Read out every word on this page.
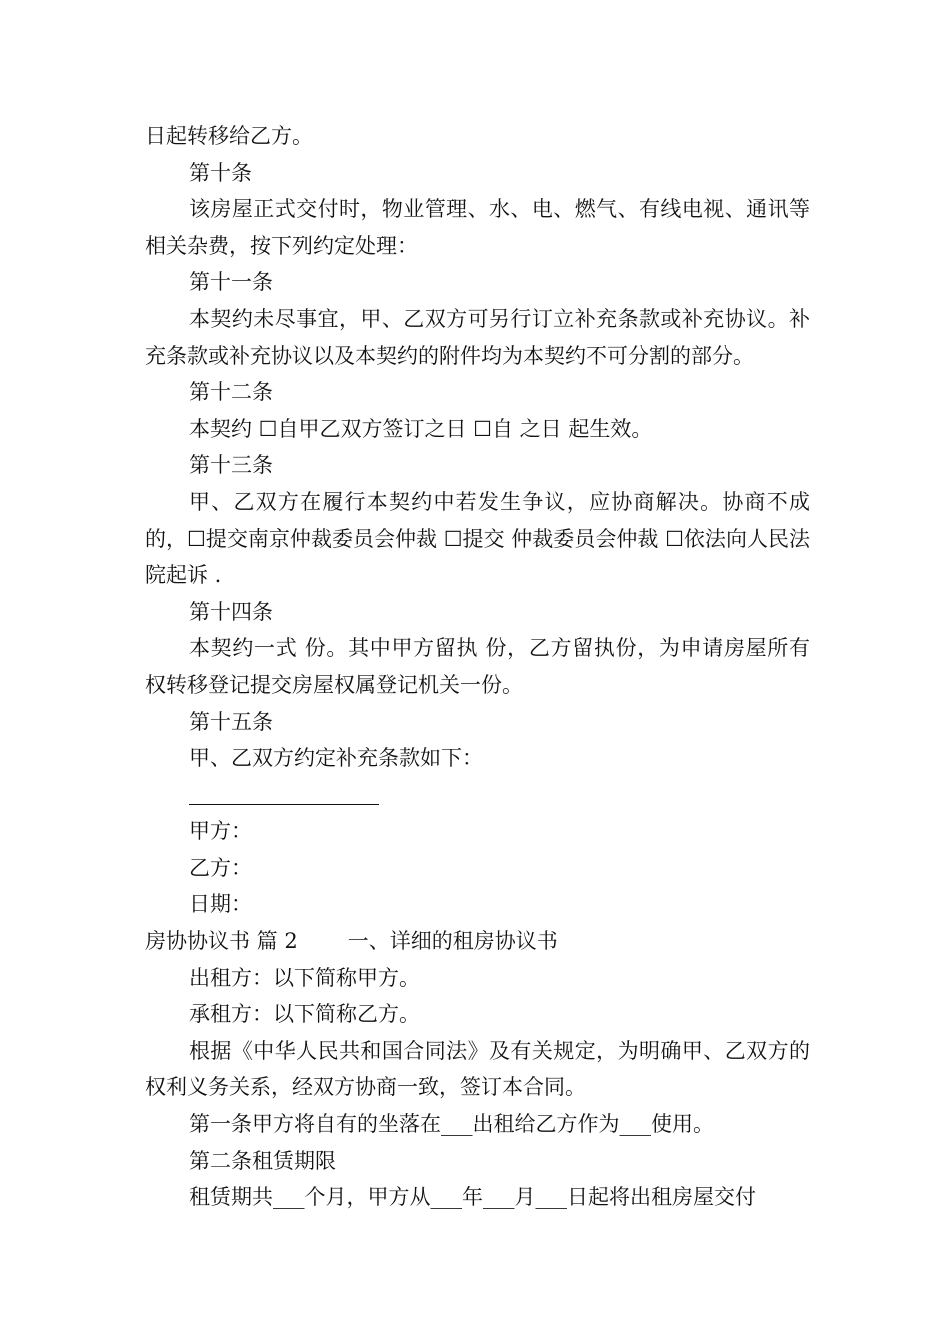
日起转移给乙方。

第十条

该房屋正式交付时，物业管理、水、电、燃气、有线电视、通讯等相关杂费，按下列约定处理：

第十一条

本契约未尽事宜，甲、乙双方可另行订立补充条款或补充协议。补充条款或补充协议以及本契约的附件均为本契约不可分割的部分。

第十二条

本契约 ☐自甲乙双方签订之日 ☐自 之日 起生效。

第十三条

甲、乙双方在履行本契约中若发生争议，应协商解决。协商不成的，☐提交南京仲裁委员会仲裁 ☐提交 仲裁委员会仲裁 ☐依法向人民法院起诉 .

第十四条

本契约一式 份。其中甲方留执 份，乙方留执份，为申请房屋所有权转移登记提交房屋权属登记机关一份。

第十五条

甲、乙双方约定补充条款如下：

甲方：

乙方：

日期：

房协协议书 篇 2 一、详细的租房协议书

出租方：以下简称甲方。

承租方：以下简称乙方。

根据《中华人民共和国合同法》及有关规定，为明确甲、乙双方的权利义务关系，经双方协商一致，签订本合同。

第一条甲方将自有的坐落在___出租给乙方作为___使用。

第二条租赁期限

租赁期共___个月，甲方从___年___月___日起将出租房屋交付
